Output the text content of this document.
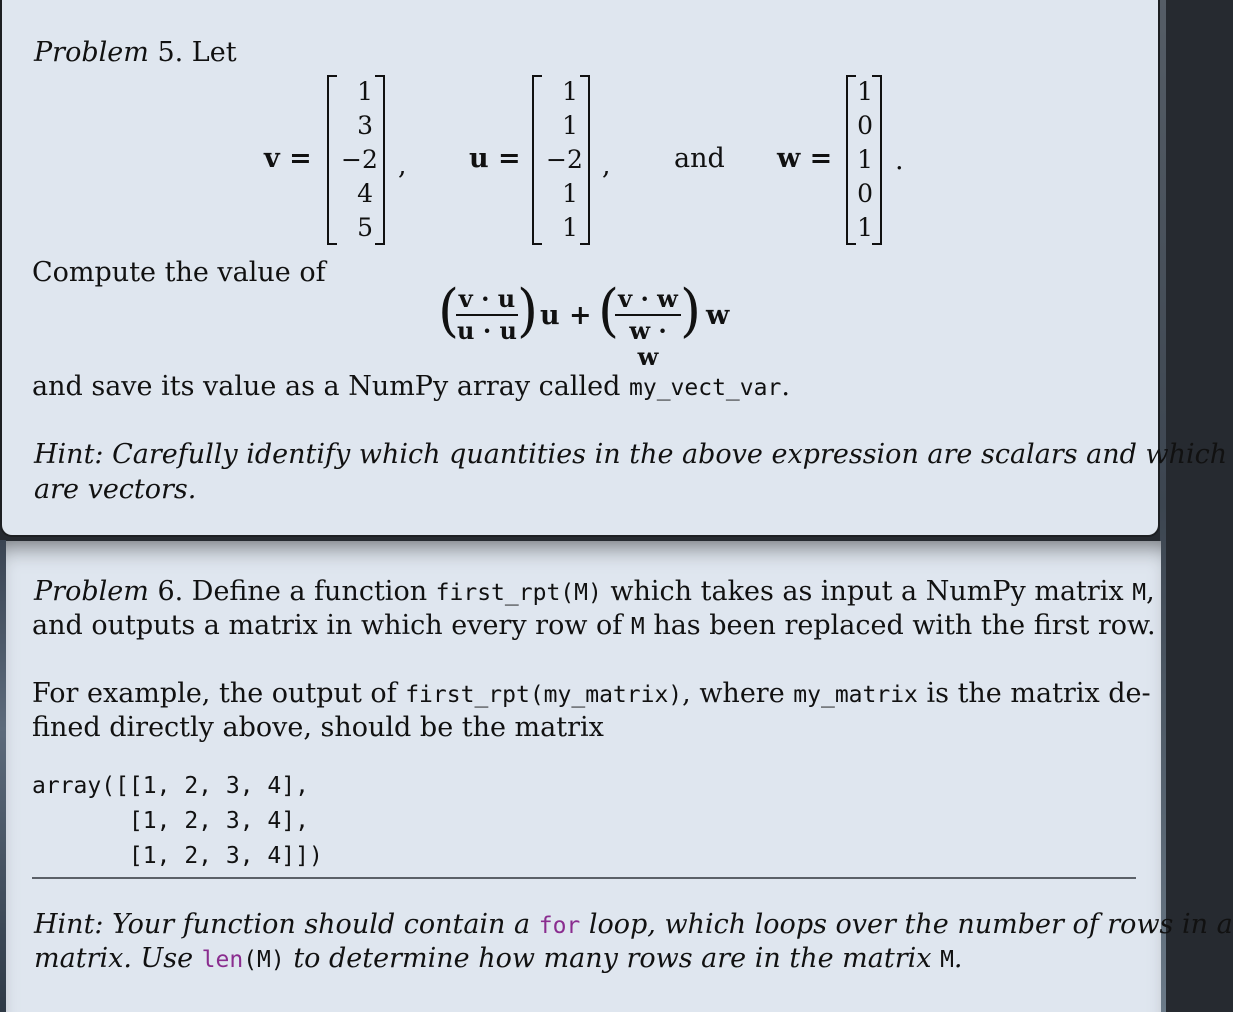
Problem 5. Let
v =
1
3
−2
4
5
, u =
1
1
−2
1
1
, and w =
1
0
1
0
1
.
Compute the value of
( v · u
u · u ) u + ( v · w
w · w
) w
and save its value as a NumPy array called my_vect_var.
Hint: Carefully identify which quantities in the above expression are scalars and which
are vectors.
Problem 6. Define a function first_rpt(M) which takes as input a NumPy matrix M,
and outputs a matrix in which every row of M has been replaced with the first row.
For example, the output of first_rpt(my_matrix), where my_matrix is the matrix de-
fined directly above, should be the matrix
array([[1, 2, 3, 4],
[1, 2, 3, 4],
[1, 2, 3, 4]])
Hint: Your function should contain a for loop, which loops over the number of rows in a
matrix. Use len(M) to determine how many rows are in the matrix M.
